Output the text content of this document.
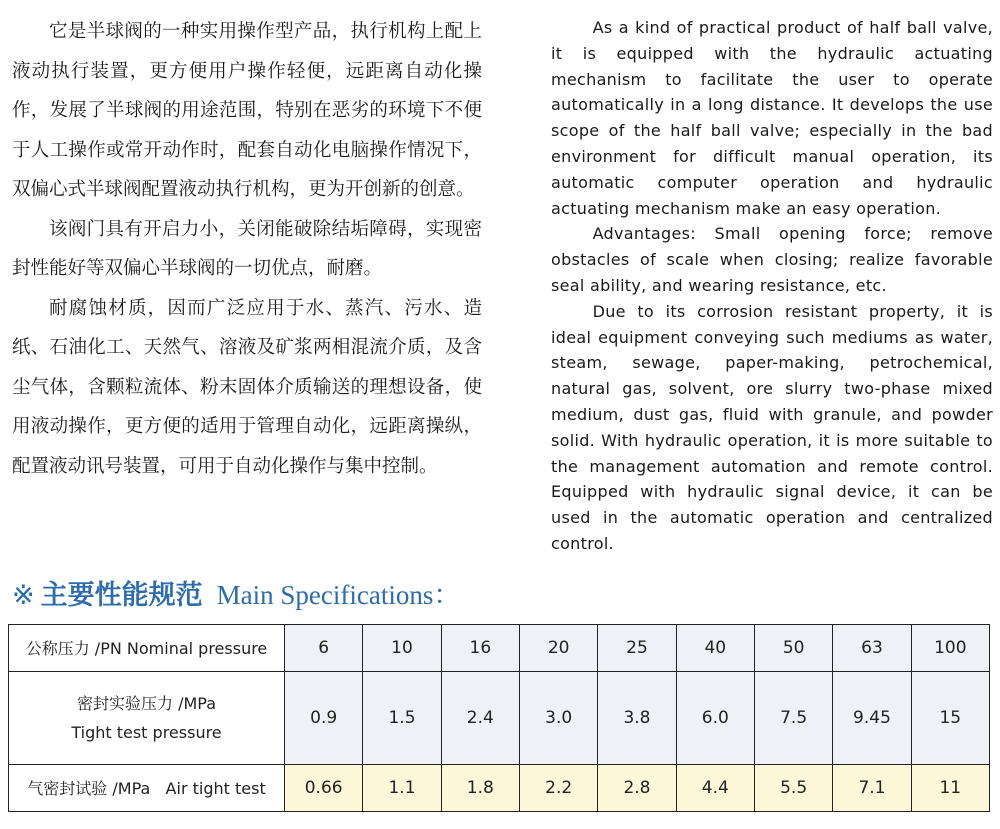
它是半球阀的一种实用操作型产品，执行机构上配上液动执行装置，更方便用户操作轻便，远距离自动化操作，发展了半球阀的用途范围，特别在恶劣的环境下不便于人工操作或常开动作时，配套自动化电脑操作情况下，双偏心式半球阀配置液动执行机构，更为开创新的创意。

该阀门具有开启力小，关闭能破除结垢障碍，实现密封性能好等双偏心半球阀的一切优点，耐磨。

耐腐蚀材质，因而广泛应用于水、蒸汽、污水、造纸、石油化工、天然气、溶液及矿浆两相混流介质，及含尘气体，含颗粒流体、粉末固体介质输送的理想设备，使用液动操作，更方便的适用于管理自动化，远距离操纵，配置液动讯号装置，可用于自动化操作与集中控制。

As a kind of practical product of half ball valve, it is equipped with the hydraulic actuating mechanism to facilitate the user to operate automatically in a long distance. It develops the use scope of the half ball valve; especially in the bad environment for difficult manual operation, its automatic computer operation and hydraulic actuating mechanism make an easy operation.

Advantages: Small opening force; remove obstacles of scale when closing; realize favorable seal ability, and wearing resistance, etc.

Due to its corrosion resistant property, it is ideal equipment conveying such mediums as water, steam, sewage, paper-making, petrochemical, natural gas, solvent, ore slurry two-phase mixed medium, dust gas, fluid with granule, and powder solid. With hydraulic operation, it is more suitable to the management automation and remote control. Equipped with hydraulic signal device, it can be used in the automatic operation and centralized control.

※ 主要性能规范 Main Specifications：
公称压力 /PN Nominal pressure	6	10	16	20	25	40	50	63	100

密封实验压力 /MPa
Tight test pressure	0.9	1.5	2.4	3.0	3.8	6.0	7.5	9.45	15
气密封试验 /MPa   Air tight test	0.66	1.1	1.8	2.2	2.8	4.4	5.5	7.1	11
